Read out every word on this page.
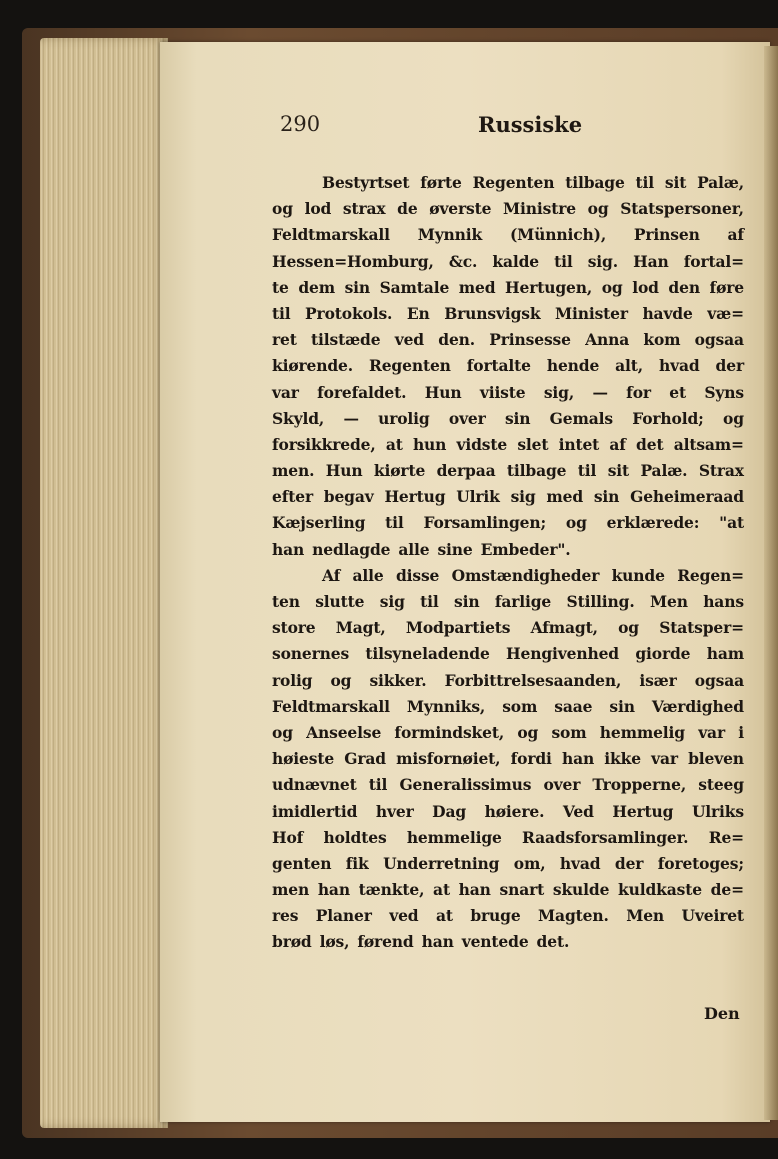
290	Russiske
Bestyrtset førte Regenten tilbage til sit Palæ,
og lod strax de øverste Ministre og Statspersoner,
Feldtmarskall Mynnik (Münnich), Prinsen af
Hessen=Homburg, &c. kalde til sig. Han fortal=
te dem sin Samtale med Hertugen, og lod den føre
til Protokols. En Brunsvigsk Minister havde væ=
ret tilstæde ved den. Prinsesse Anna kom ogsaa
kiørende. Regenten fortalte hende alt, hvad der
var forefaldet. Hun viiste sig, — for et Syns
Skyld, — urolig over sin Gemals Forhold; og
forsikkrede, at hun vidste slet intet af det altsam=
men. Hun kiørte derpaa tilbage til sit Palæ. Strax
efter begav Hertug Ulrik sig med sin Geheimeraad
Kæjserling til Forsamlingen; og erklærede: "at
han nedlagde alle sine Embeder".
Af alle disse Omstændigheder kunde Regen=
ten slutte sig til sin farlige Stilling. Men hans
store Magt, Modpartiets Afmagt, og Statsper=
sonernes tilsyneladende Hengivenhed giorde ham
rolig og sikker. Forbittrelsesaanden, især ogsaa
Feldtmarskall Mynniks, som saae sin Værdighed
og Anseelse formindsket, og som hemmelig var i
høieste Grad misfornøiet, fordi han ikke var bleven
udnævnet til Generalissimus over Tropperne, steeg
imidlertid hver Dag høiere. Ved Hertug Ulriks
Hof holdtes hemmelige Raadsforsamlinger. Re=
genten fik Underretning om, hvad der foretoges;
men han tænkte, at han snart skulde kuldkaste de=
res Planer ved at bruge Magten. Men Uveiret
brød løs, førend han ventede det.
Den
